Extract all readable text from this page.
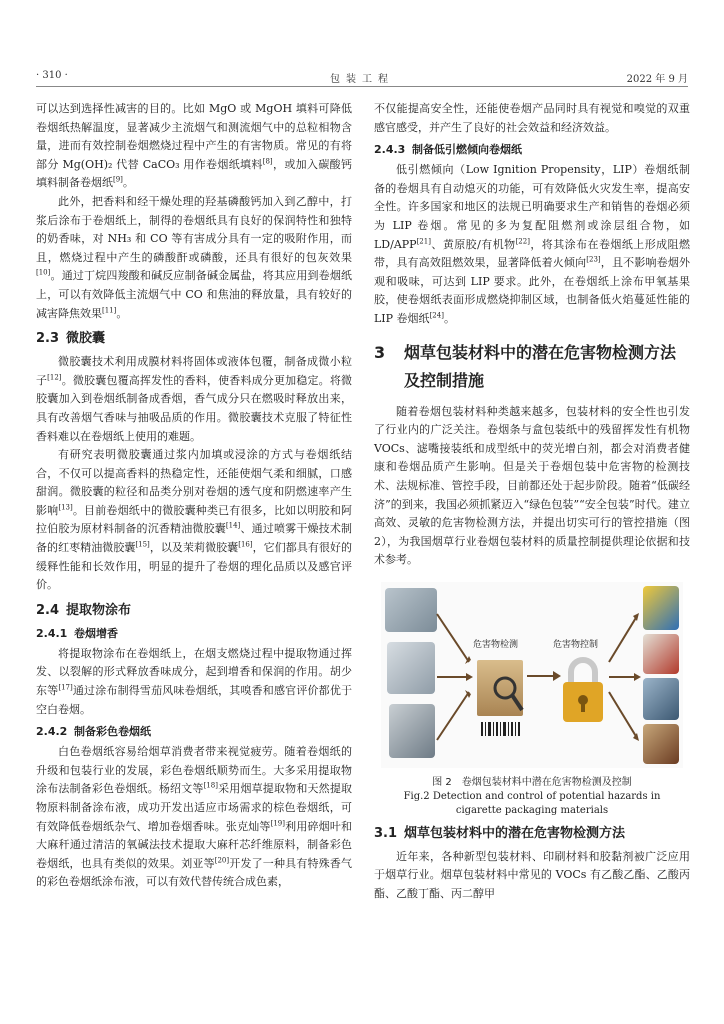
· 310 ·	包装工程	2022 年 9 月

可以达到选择性减害的目的。比如 MgO 或 MgOH 填料可降低卷烟纸热解温度，显著减少主流烟气和测流烟气中的总粒相物含量，进而有效控制卷烟燃烧过程中产生的有害物质。常见的有将部分 Mg(OH)₂ 代替 CaCO₃ 用作卷烟纸填料[8]，或加入碳酸钙填料制备卷烟纸[9]。

此外，把香料和经干燥处理的羟基磷酸钙加入到乙醇中，打浆后涂布于卷烟纸上，制得的卷烟纸具有良好的保润特性和独特的奶香味，对 NH₃ 和 CO 等有害成分具有一定的吸附作用，而且，燃烧过程中产生的磷酸酐或磷酸，还具有很好的包灰效果[10]。通过丁烷四羧酸和碱反应制备碱金属盐，将其应用到卷烟纸上，可以有效降低主流烟气中 CO 和焦油的释放量，具有较好的减害降焦效果[11]。

2.3 微胶囊

微胶囊技术利用成膜材料将固体或液体包覆，制备成微小粒子[12]。微胶囊包覆高挥发性的香料，使香料成分更加稳定。将微胶囊加入到卷烟纸制备成香烟，香气成分只在燃吸时释放出来，具有改善烟气香味与抽吸品质的作用。微胶囊技术克服了特征性香料难以在卷烟纸上使用的难题。

有研究表明微胶囊通过浆内加填或浸涂的方式与卷烟纸结合，不仅可以提高香料的热稳定性，还能使烟气柔和细腻，口感甜润。微胶囊的粒径和品类分别对卷烟的透气度和阴燃速率产生影响[13]。目前卷烟纸中的微胶囊种类已有很多，比如以明胶和阿拉伯胶为原材料制备的沉香精油微胶囊[14]、通过喷雾干燥技术制备的红枣精油微胶囊[15]，以及茉莉微胶囊[16]，它们都具有很好的缓释性能和长效作用，明显的提升了卷烟的理化品质以及感官评价。

2.4 提取物涂布
2.4.1 卷烟增香

将提取物涂布在卷烟纸上，在烟支燃烧过程中提取物通过挥发、以裂解的形式释放香味成分，起到增香和保润的作用。胡少东等[17]通过涂布制得雪茄风味卷烟纸，其嗅香和感官评价都优于空白卷烟。

2.4.2 制备彩色卷烟纸

白色卷烟纸容易给烟草消费者带来视觉疲劳。随着卷烟纸的升级和包装行业的发展，彩色卷烟纸顺势而生。大多采用提取物涂布法制备彩色卷烟纸。杨绍文等[18]采用烟草提取物和天然提取物原料制备涂布液，成功开发出适应市场需求的棕色卷烟纸，可有效降低卷烟纸杂气、增加卷烟香味。张克灿等[19]利用碎烟叶和大麻秆通过清洁的氧碱法技术提取大麻秆芯纤维原料，制备彩色卷烟纸，也具有类似的效果。刘亚等[20]开发了一种具有特殊香气的彩色卷烟纸涂布液，可以有效代替传统合成色素，

不仅能提高安全性，还能使卷烟产品同时具有视觉和嗅觉的双重感官感受，并产生了良好的社会效益和经济效益。

2.4.3 制备低引燃倾向卷烟纸

低引燃倾向（Low Ignition Propensity，LIP）卷烟纸制备的卷烟具有自动熄灭的功能，可有效降低火灾发生率，提高安全性。许多国家和地区的法规已明确要求生产和销售的卷烟必须为 LIP 卷烟。常见的多为复配阻燃剂或涂层组合物，如 LD/APP[21]、黄原胶/有机物[22]，将其涂布在卷烟纸上形成阻燃带，具有高效阻燃效果，显著降低着火倾向[23]，且不影响卷烟外观和吸味，可达到 LIP 要求。此外，在卷烟纸上涂布甲氧基果胶，使卷烟纸表面形成燃烧抑制区域，也制备低火焰蔓延性能的 LIP 卷烟纸[24]。

3	烟草包装材料中的潜在危害物检测方法及控制措施

随着卷烟包装材料种类越来越多，包装材料的安全性也引发了行业内的广泛关注。卷烟条与盒包装纸中的残留挥发性有机物 VOCs、滤嘴接装纸和成型纸中的荧光增白剂，都会对消费者健康和卷烟品质产生影响。但是关于卷烟包装中危害物的检测技术、法规标准、管控手段，目前都还处于起步阶段。随着“低碳经济”的到来，我国必须抓紧迈入“绿色包装”“安全包装”时代。建立高效、灵敏的危害物检测方法，并提出切实可行的管控措施（图 2），为我国烟草行业卷烟包装材料的质量控制提供理论依据和技术参考。

危害物检测	危害物控制
图 2　卷烟包装材料中潜在危害物检测及控制
Fig.2 Detection and control of potential hazards in
cigarette packaging materials
3.1 烟草包装材料中的潜在危害物检测方法

近年来，各种新型包装材料、印刷材料和胶黏剂被广泛应用于烟草行业。烟草包装材料中常见的 VOCs 有乙酸乙酯、乙酸丙酯、乙酸丁酯、丙二醇甲
